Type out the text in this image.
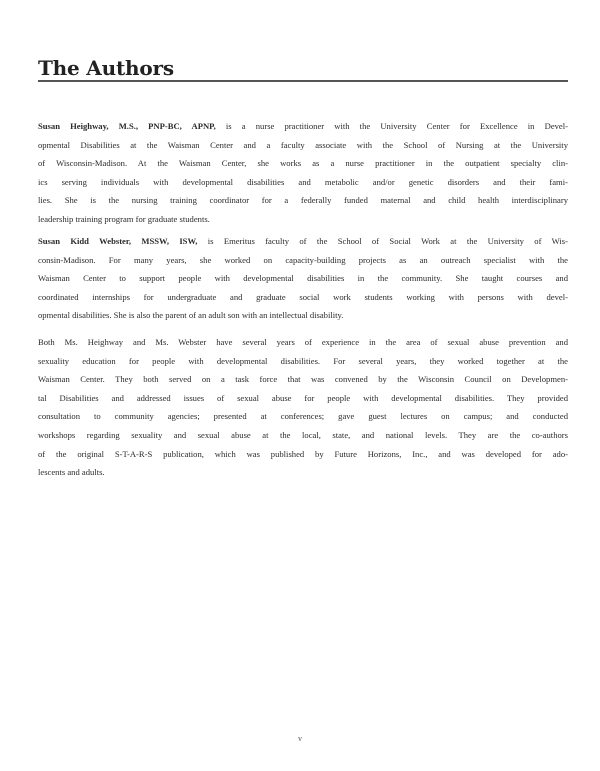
The Authors
Susan Heighway, M.S., PNP-BC, APNP, is a nurse practitioner with the University Center for Excellence in Devel-
opmental Disabilities at the Waisman Center and a faculty associate with the School of Nursing at the University
of Wisconsin-Madison. At the Waisman Center, she works as a nurse practitioner in the outpatient specialty clin-
ics serving individuals with developmental disabilities and metabolic and/or genetic disorders and their fami-
lies. She is the nursing training coordinator for a federally funded maternal and child health interdisciplinary
leadership training program for graduate students.
Susan Kidd Webster, MSSW, ISW, is Emeritus faculty of the School of Social Work at the University of Wis-
consin-Madison. For many years, she worked on capacity-building projects as an outreach specialist with the
Waisman Center to support people with developmental disabilities in the community. She taught courses and
coordinated internships for undergraduate and graduate social work students working with persons with devel-
opmental disabilities. She is also the parent of an adult son with an intellectual disability.
Both Ms. Heighway and Ms. Webster have several years of experience in the area of sexual abuse prevention and
sexuality education for people with developmental disabilities. For several years, they worked together at the
Waisman Center. They both served on a task force that was convened by the Wisconsin Council on Developmen-
tal Disabilities and addressed issues of sexual abuse for people with developmental disabilities. They provided
consultation to community agencies; presented at conferences; gave guest lectures on campus; and conducted
workshops regarding sexuality and sexual abuse at the local, state, and national levels. They are the co-authors
of the original S-T-A-R-S publication, which was published by Future Horizons, Inc., and was developed for ado-
lescents and adults.
v
